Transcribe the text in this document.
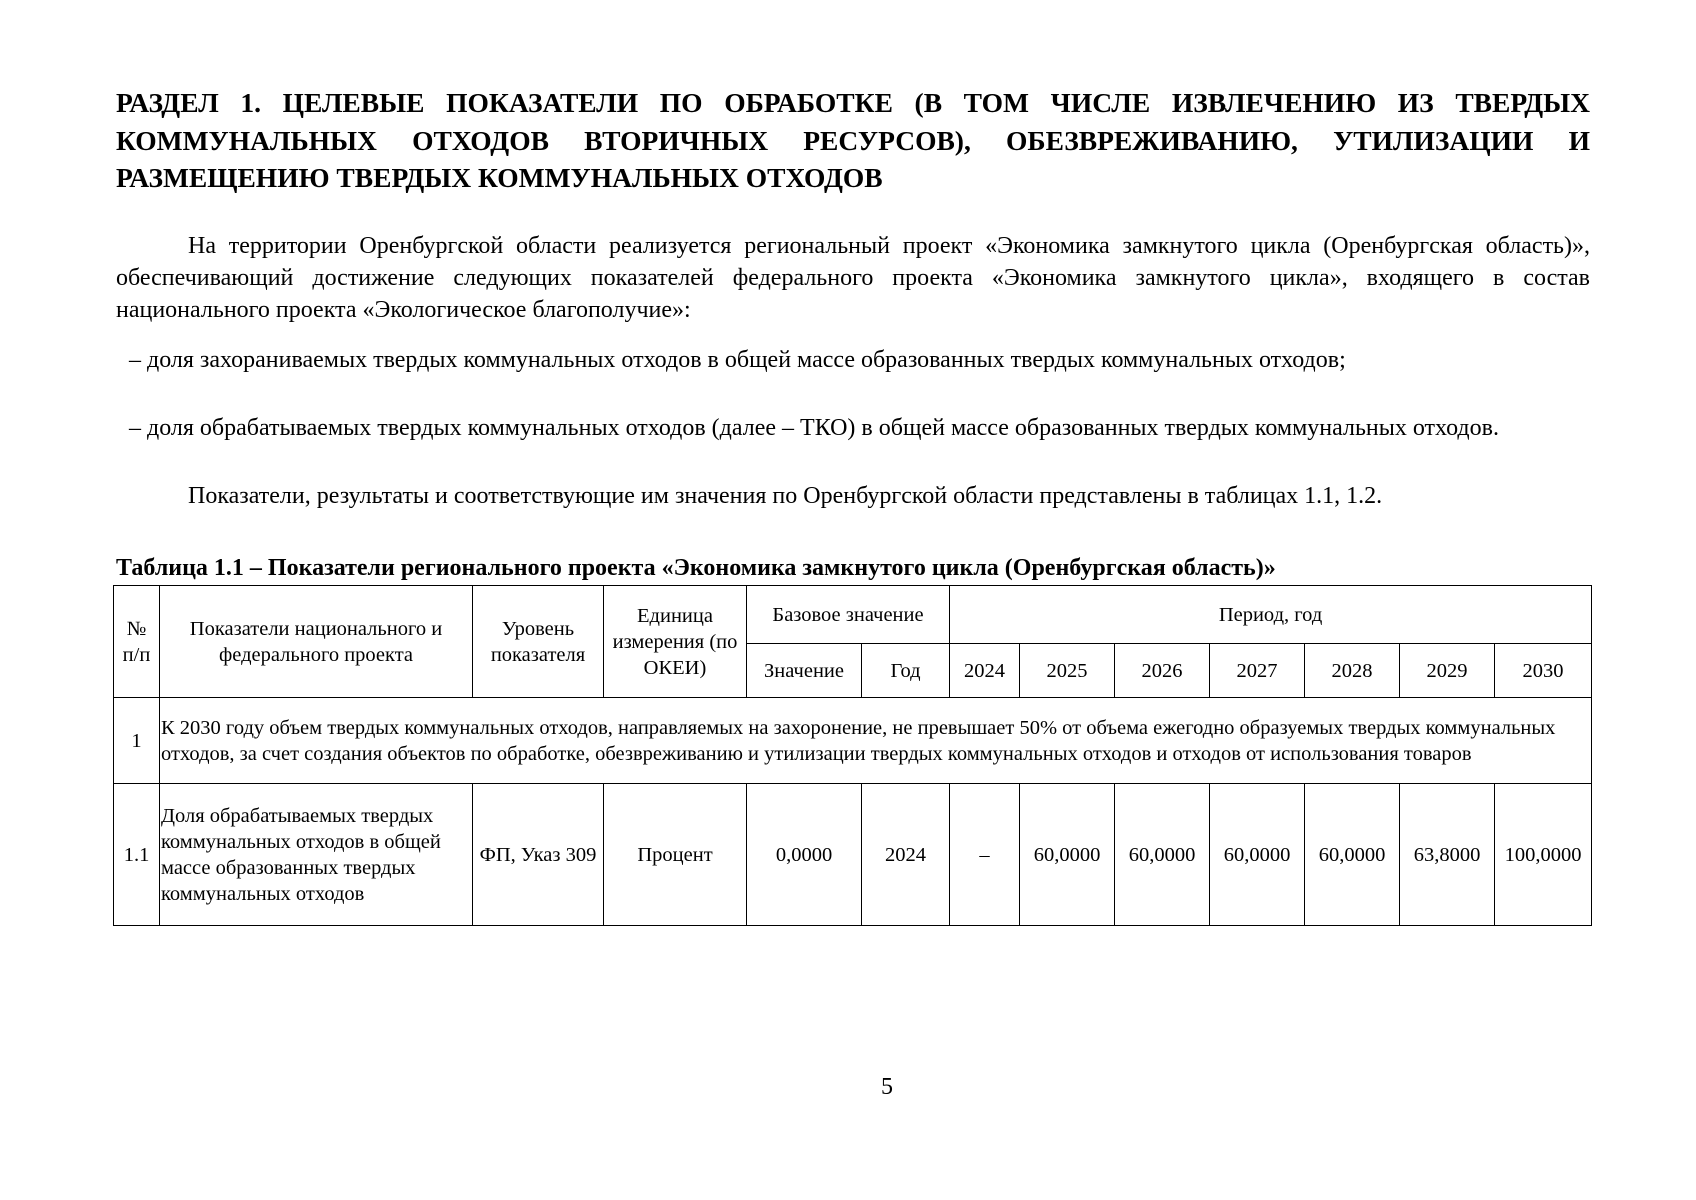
РАЗДЕЛ 1. ЦЕЛЕВЫЕ ПОКАЗАТЕЛИ ПО ОБРАБОТКЕ (В ТОМ ЧИСЛЕ ИЗВЛЕЧЕНИЮ ИЗ ТВЕРДЫХ КОММУНАЛЬНЫХ ОТХОДОВ ВТОРИЧНЫХ РЕСУРСОВ), ОБЕЗВРЕЖИВАНИЮ, УТИЛИЗАЦИИ И РАЗМЕЩЕНИЮ ТВЕРДЫХ КОММУНАЛЬНЫХ ОТХОДОВ

На территории Оренбургской области реализуется региональный проект «Экономика замкнутого цикла (Оренбургская область)», обеспечивающий достижение следующих показателей федерального проекта «Экономика замкнутого цикла», входящего в состав национального проекта «Экологическое благополучие»:

– доля захораниваемых твердых коммунальных отходов в общей массе образованных твердых коммунальных отходов;

– доля обрабатываемых твердых коммунальных отходов (далее – ТКО) в общей массе образованных твердых коммунальных отходов.

Показатели, результаты и соответствующие им значения по Оренбургской области представлены в таблицах 1.1, 1.2.

Таблица 1.1 – Показатели регионального проекта «Экономика замкнутого цикла (Оренбургская область)»
№ п/п	Показатели национального и федерального проекта	Уровень показателя	Единица измерения (по ОКЕИ)	Базовое значение		Период, год						
				Значение	Год	2024	2025	2026	2027	2028	2029	2030
1	К 2030 году объем твердых коммунальных отходов, направляемых на захоронение, не превышает 50% от объема ежегодно образуемых твердых коммунальных отходов, за счет создания объектов по обработке, обезвреживанию и утилизации твердых коммунальных отходов и отходов от использования товаров											
1.1	Доля обрабатываемых твердых коммунальных отходов в общей массе образованных твердых коммунальных отходов	ФП, Указ 309	Процент	0,0000	2024	–	60,0000	60,0000	60,0000	60,0000	63,8000	100,0000
5
